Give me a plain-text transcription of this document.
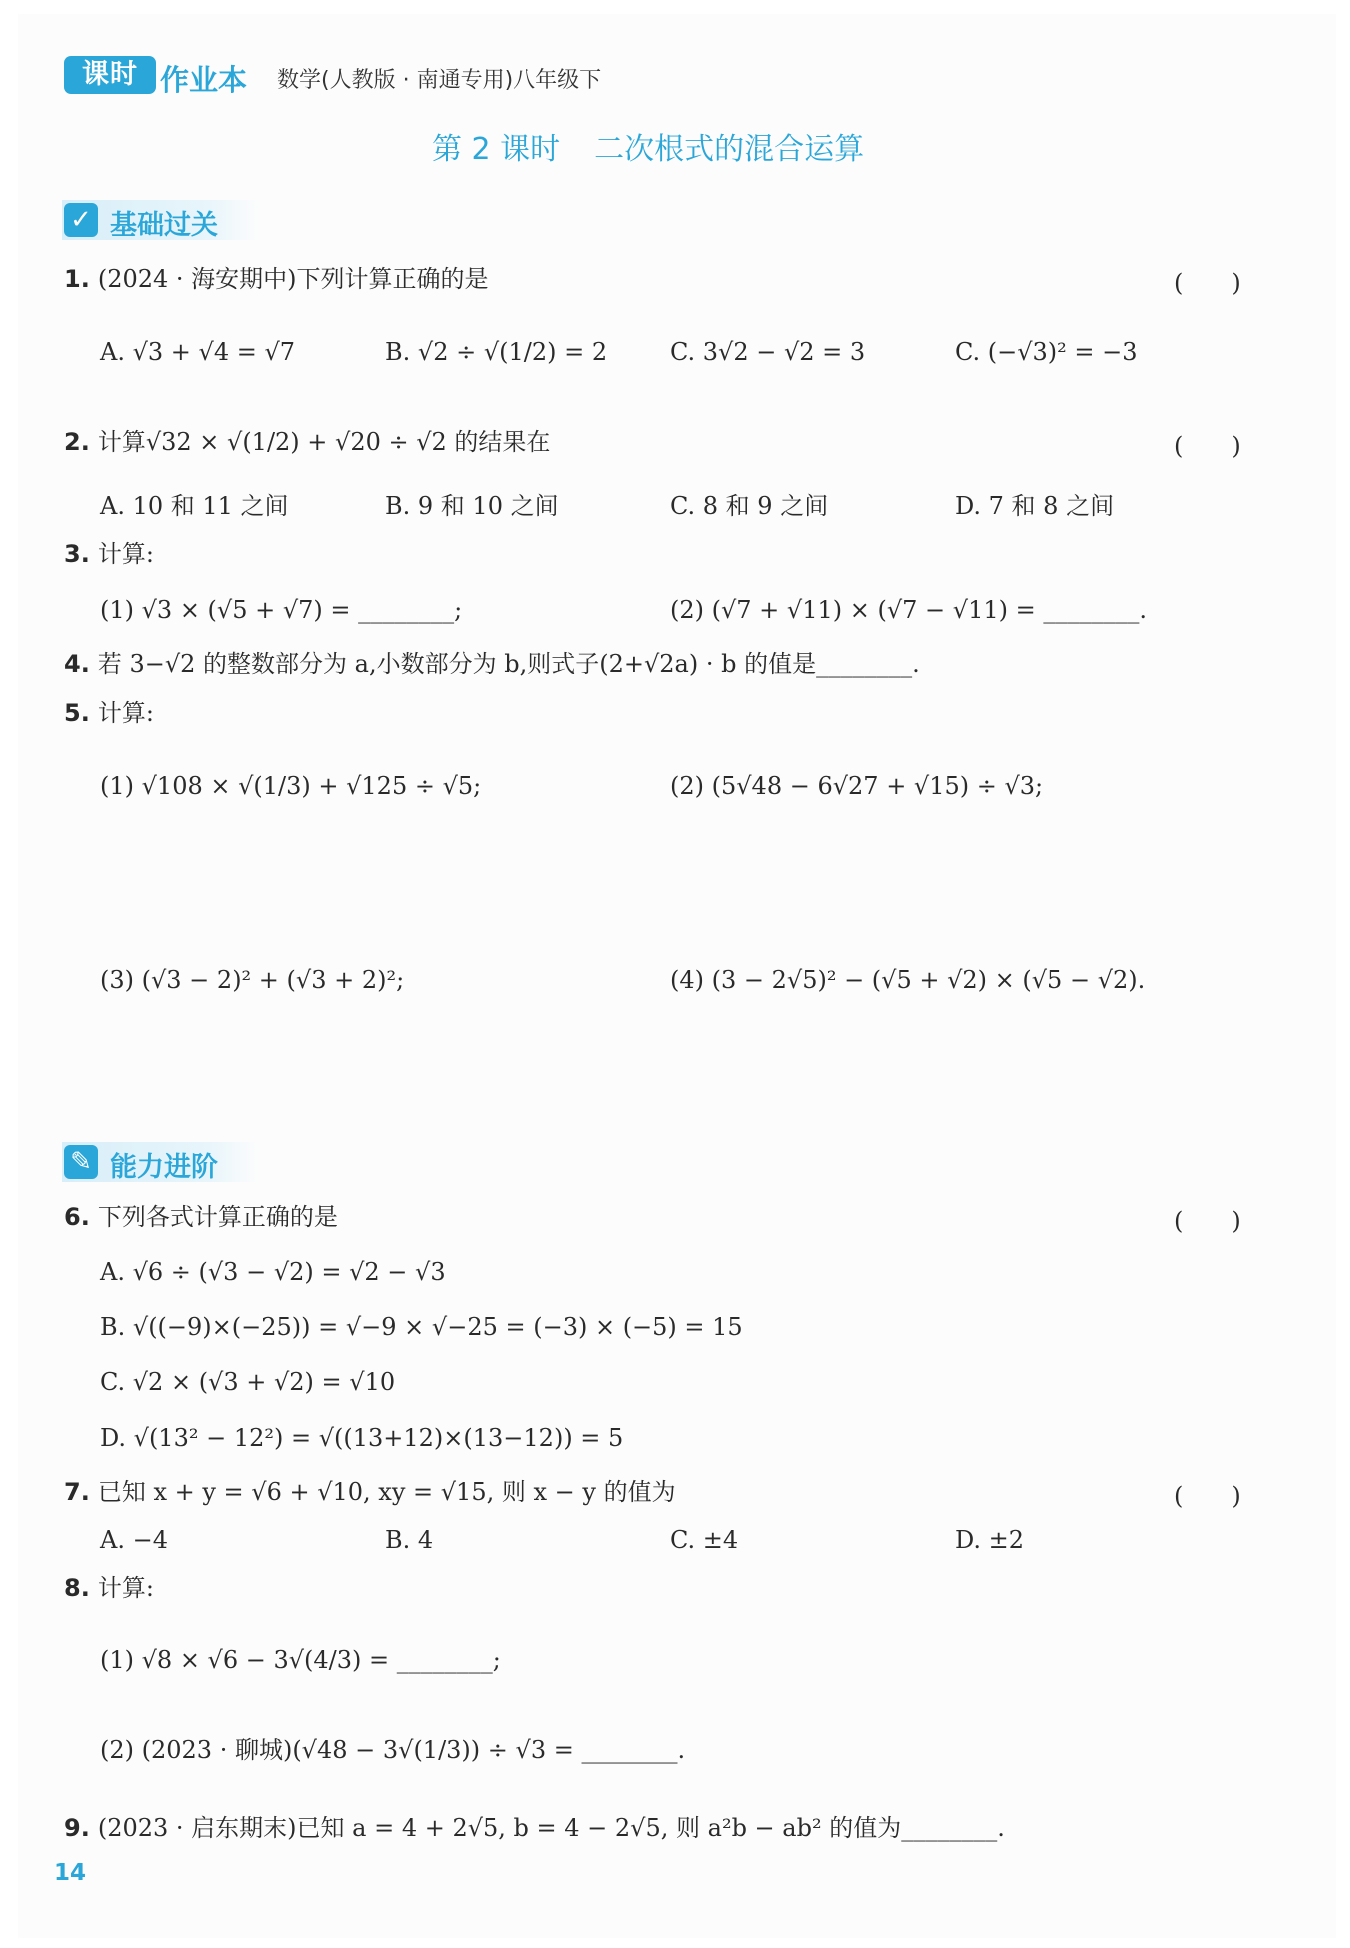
课时 作业本 数学(人教版 · 南通专用)八年级下
第 2 课时 二次根式的混合运算
✓ 基础过关
1. (2024 · 海安期中)下列计算正确的是	(　　)
A. √3 + √4 = √7	B. √2 ÷ √(1/2) = 2	C. 3√2 − √2 = 3	C. (−√3)² = −3
2. 计算√32 × √(1/2) + √20 ÷ √2 的结果在	(　　)
A. 10 和 11 之间	B. 9 和 10 之间	C. 8 和 9 之间	D. 7 和 8 之间
3. 计算:
(1) √3 × (√5 + √7) = ________;	(2) (√7 + √11) × (√7 − √11) = ________.
4. 若 3−√2 的整数部分为 a,小数部分为 b,则式子(2+√2a) · b 的值是________.
5. 计算:
(1) √108 × √(1/3) + √125 ÷ √5;	(2) (5√48 − 6√27 + √15) ÷ √3;
(3) (√3 − 2)² + (√3 + 2)²;	(4) (3 − 2√5)² − (√5 + √2) × (√5 − √2).
✎ 能力进阶
6. 下列各式计算正确的是	(　　)
A. √6 ÷ (√3 − √2) = √2 − √3
B. √((−9)×(−25)) = √−9 × √−25 = (−3) × (−5) = 15
C. √2 × (√3 + √2) = √10
D. √(13² − 12²) = √((13+12)×(13−12)) = 5
7. 已知 x + y = √6 + √10, xy = √15, 则 x − y 的值为	(　　)
A. −4	B. 4	C. ±4	D. ±2
8. 计算:
(1) √8 × √6 − 3√(4/3) = ________;
(2) (2023 · 聊城)(√48 − 3√(1/3)) ÷ √3 = ________.
9. (2023 · 启东期末)已知 a = 4 + 2√5, b = 4 − 2√5, 则 a²b − ab² 的值为________.
14
